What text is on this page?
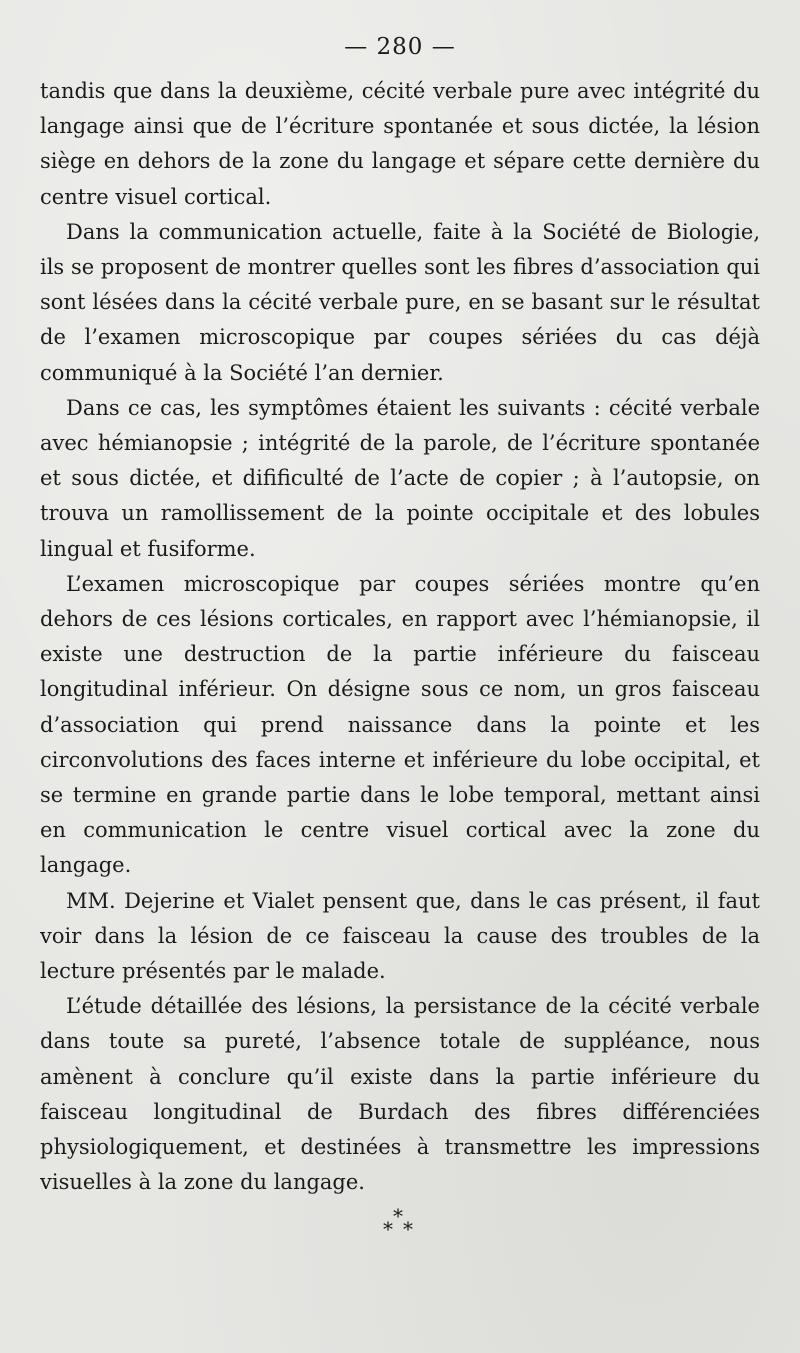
— 280 —

tandis que dans la deuxième, cécité verbale pure avec intégrité du langage ainsi que de l’écriture spontanée et sous dictée, la lésion siège en dehors de la zone du langage et sépare cette dernière du centre visuel cortical.

Dans la communication actuelle, faite à la Société de Biologie, ils se proposent de montrer quelles sont les fibres d’association qui sont lésées dans la cécité verbale pure, en se basant sur le résultat de l’examen microscopique par coupes sériées du cas déjà communiqué à la Société l’an dernier.

Dans ce cas, les symptômes étaient les suivants : cécité verbale avec hémianopsie ; intégrité de la parole, de l’écriture spontanée et sous dictée, et difificulté de l’acte de copier ; à l’autopsie, on trouva un ramollissement de la pointe occipitale et des lobules lingual et fusiforme.

L’examen microscopique par coupes sériées montre qu’en dehors de ces lésions corticales, en rapport avec l’hémianopsie, il existe une destruction de la partie inférieure du faisceau longitudinal inférieur. On désigne sous ce nom, un gros faisceau d’association qui prend naissance dans la pointe et les circonvolutions des faces interne et inférieure du lobe occipital, et se termine en grande partie dans le lobe temporal, mettant ainsi en communication le centre visuel cortical avec la zone du langage.

MM. Dejerine et Vialet pensent que, dans le cas présent, il faut voir dans la lésion de ce faisceau la cause des troubles de la lecture présentés par le malade.

L’étude détaillée des lésions, la persistance de la cécité verbale dans toute sa pureté, l’absence totale de suppléance, nous amènent à conclure qu’il existe dans la partie inférieure du faisceau longitudinal de Burdach des fibres différenciées physiologiquement, et destinées à transmettre les impressions visuelles à la zone du langage.

*
* *
